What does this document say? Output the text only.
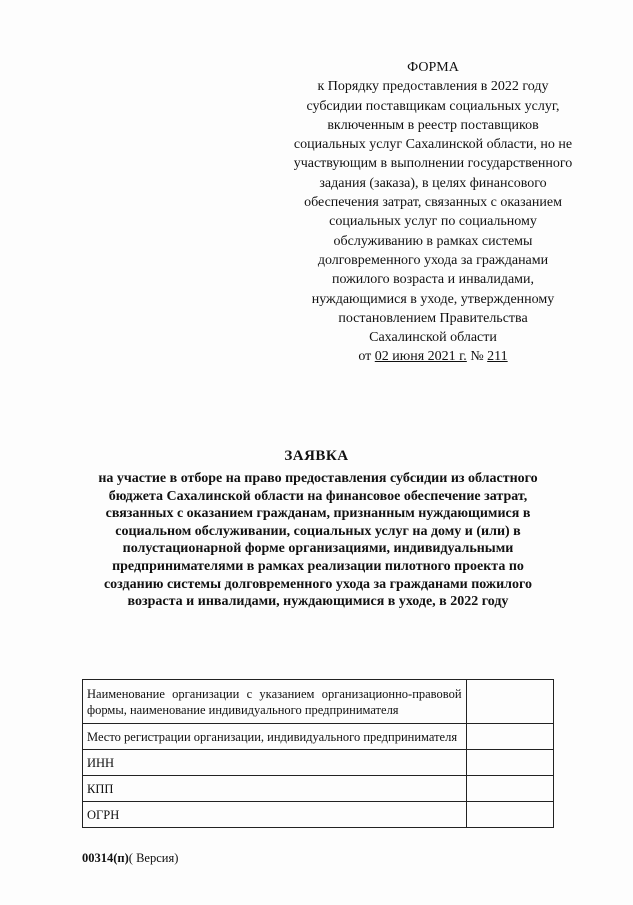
ФОРМА
к Порядку предоставления в 2022 году
субсидии поставщикам социальных услуг,
включенным в реестр поставщиков
социальных услуг Сахалинской области, но не
участвующим в выполнении государственного
задания (заказа), в целях финансового
обеспечения затрат, связанных с оказанием
социальных услуг по социальному
обслуживанию в рамках системы
долговременного ухода за гражданами
пожилого возраста и инвалидами,
нуждающимися в уходе, утвержденному
постановлением Правительства
Сахалинской области
от 02 июня 2021 г. № 211
ЗАЯВКА
на участие в отборе на право предоставления субсидии из областного
бюджета Сахалинской области на финансовое обеспечение затрат,
связанных с оказанием гражданам, признанным нуждающимися в
социальном обслуживании, социальных услуг на дому и (или) в
полустационарной форме организациями, индивидуальными
предпринимателями в рамках реализации пилотного проекта по
созданию системы долговременного ухода за гражданами пожилого
возраста и инвалидами, нуждающимися в уходе, в 2022 году
Наименование организации с указанием организационно-правовой формы, наименование индивидуального предпринимателя	
Место регистрации организации, индивидуального предпринимателя	
ИНН	
КПП	
ОГРН	
00314(п)( Версия)
